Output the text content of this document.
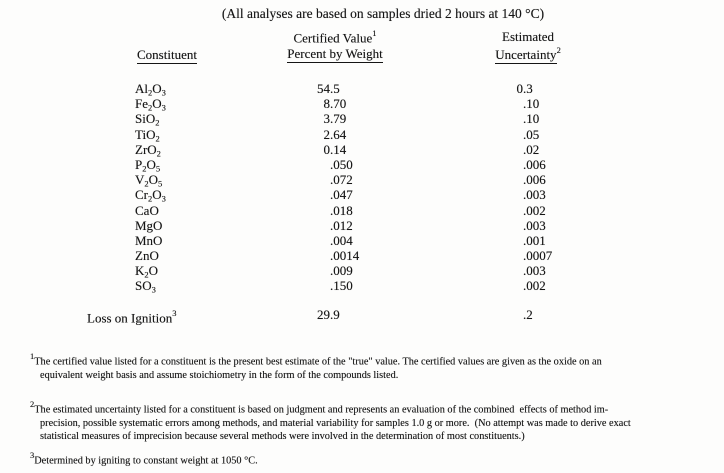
(All analyses are based on samples dried 2 hours at 140 °C)
Constituent
Certified Value$^1$
Percent by Weight
Estimated
Uncertainty$^2$
$Al_2O_3$	54.5	0.3
$Fe_2O_3$	8.70	.10
SiO$_2$	3.79	.10
TiO$_2$	2.64	.05
ZrO$_2$	0.14	.02
$P_2O_5$	.050	.006
$V_2O_5$	.072	.006
$Cr_2O_3$	.047	.003
CaO	.018	.002
MgO	.012	.003
MnO	.004	.001
ZnO	.0014	.0007
$K_2O$	.009	.003
$SO_3$	.150	.002
Loss on Ignition$^3$	29.9	.2
$^1$The certified value listed for a constituent is the present best estimate of the "true" value. The certified values are given as the oxide on an
equivalent weight basis and assume stoichiometry in the form of the compounds listed.
$^2$The estimated uncertainty listed for a constituent is based on judgment and represents an evaluation of the combined  effects of method im-
precision, possible systematic errors among methods, and material variability for samples 1.0 g or more.  (No attempt was made to derive exact
statistical measures of imprecision because several methods were involved in the determination of most constituents.)
$^3$Determined by igniting to constant weight at 1050 °C.
